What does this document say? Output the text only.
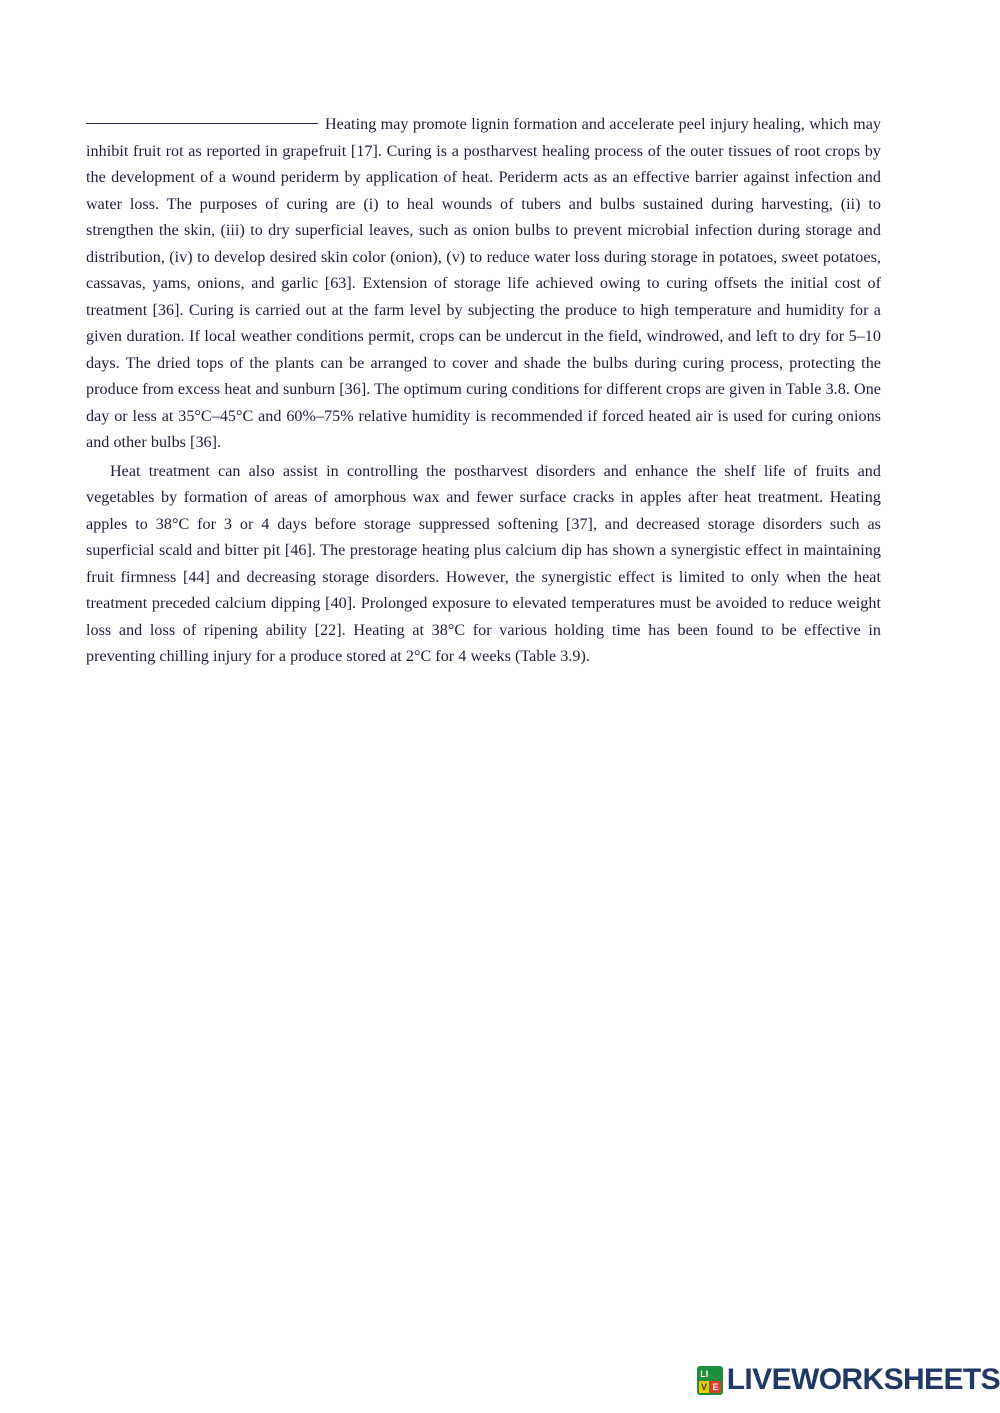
Heating may promote lignin formation and accelerate peel injury healing, which may inhibit fruit rot as reported in grapefruit [17]. Curing is a postharvest healing process of the outer tissues of root crops by the development of a wound periderm by application of heat. Periderm acts as an effective barrier against infection and water loss. The purposes of curing are (i) to heal wounds of tubers and bulbs sustained during harvesting, (ii) to strengthen the skin, (iii) to dry superficial leaves, such as onion bulbs to prevent microbial infection during storage and distribution, (iv) to develop desired skin color (onion), (v) to reduce water loss during storage in potatoes, sweet potatoes, cassavas, yams, onions, and garlic [63]. Extension of storage life achieved owing to curing offsets the initial cost of treatment [36]. Curing is carried out at the farm level by subjecting the produce to high temperature and humidity for a given duration. If local weather conditions permit, crops can be undercut in the field, windrowed, and left to dry for 5–10 days. The dried tops of the plants can be arranged to cover and shade the bulbs during curing process, protecting the produce from excess heat and sunburn [36]. The optimum curing conditions for different crops are given in Table 3.8. One day or less at 35°C–45°C and 60%–75% relative humidity is recommended if forced heated air is used for curing onions and other bulbs [36].

Heat treatment can also assist in controlling the postharvest disorders and enhance the shelf life of fruits and vegetables by formation of areas of amorphous wax and fewer surface cracks in apples after heat treatment. Heating apples to 38°C for 3 or 4 days before storage suppressed softening [37], and decreased storage disorders such as superficial scald and bitter pit [46]. The prestorage heating plus calcium dip has shown a synergistic effect in maintaining fruit firmness [44] and decreasing storage disorders. However, the synergistic effect is limited to only when the heat treatment preceded calcium dipping [40]. Prolonged exposure to elevated temperatures must be avoided to reduce weight loss and loss of ripening ability [22]. Heating at 38°C for various holding time has been found to be effective in preventing chilling injury for a produce stored at 2°C for 4 weeks (Table 3.9).

LI
V E LIVEWORKSHEETS
